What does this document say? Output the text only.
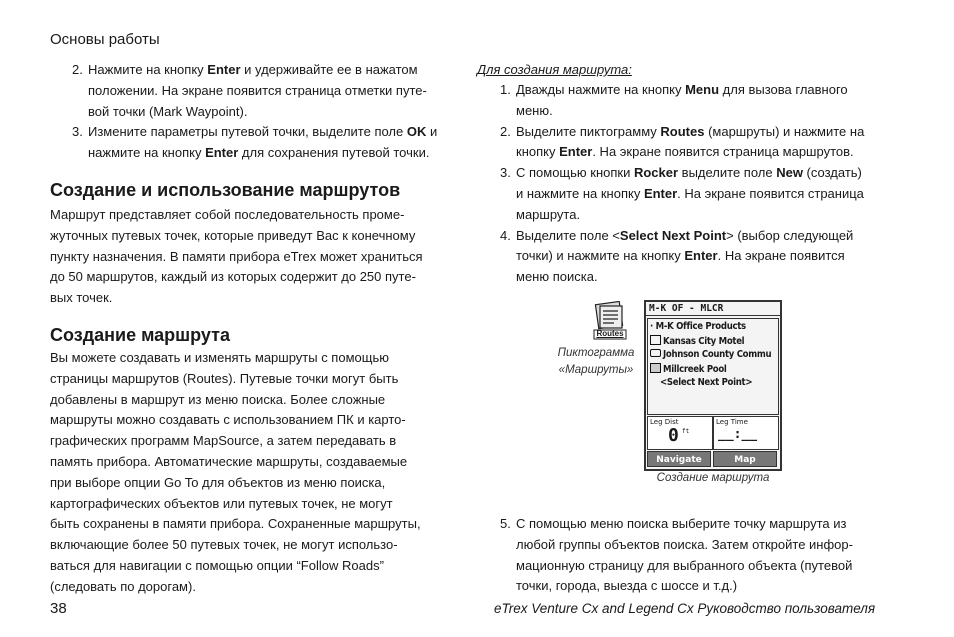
Основы работы
2. Нажмите на кнопку Enter и удерживайте ее в нажатом
положении. На экране появится страница отметки путе-
вой точки (Mark Waypoint).
3. Измените параметры путевой точки, выделите поле OK и
нажмите на кнопку Enter для сохранения путевой точки.
Создание и использование маршрутов
Маршрут представляет собой последовательность проме-
жуточных путевых точек, которые приведут Вас к конечному
пункту назначения. В памяти прибора eTrex может храниться
до 50 маршрутов, каждый из которых содержит до 250 путе-
вых точек.
Создание маршрута
Вы можете создавать и изменять маршруты с помощью
страницы маршрутов (Routes). Путевые точки могут быть
добавлены в маршрут из меню поиска. Более сложные
маршруты можно создавать с использованием ПК и карто-
графических программ MapSource, а затем передавать в
память прибора. Автоматические маршруты, создаваемые
при выборе опции Go To для объектов из меню поиска,
картографических объектов или путевых точек, не могут
быть сохранены в памяти прибора. Сохраненные маршруты,
включающие более 50 путевых точек, не могут использо-
ваться для навигации с помощью опции “Follow Roads”
(следовать по дорогам).
Для создания маршрута:
1. Дважды нажмите на кнопку Menu для вызова главного
меню.
2. Выделите пиктограмму Routes (маршруты) и нажмите на
кнопку Enter. На экране появится страница маршрутов.
3. С помощью кнопки Rocker выделите поле New (создать)
и нажмите на кнопку Enter. На экране появится страница
маршрута.
4. Выделите поле <Select Next Point> (выбор следующей
точки) и нажмите на кнопку Enter. На экране появится
меню поиска.
Routes
Пиктограмма
«Маршруты»
M-K OF - MLCR
· M-K Office Products
Kansas City Motel
Johnson County Commu
Millcreek Pool
<Select Next Point>
Leg Dist
0 ft
Leg Time
__:__
Navigate	Map
Создание маршрута
5. С помощью меню поиска выберите точку маршрута из
любой группы объектов поиска. Затем откройте инфор-
мационную страницу для выбранного объекта (путевой
точки, города, выезда с шоссе и т.д.)
38	eTrex Venture Cx and Legend Cx Руководство пользователя
